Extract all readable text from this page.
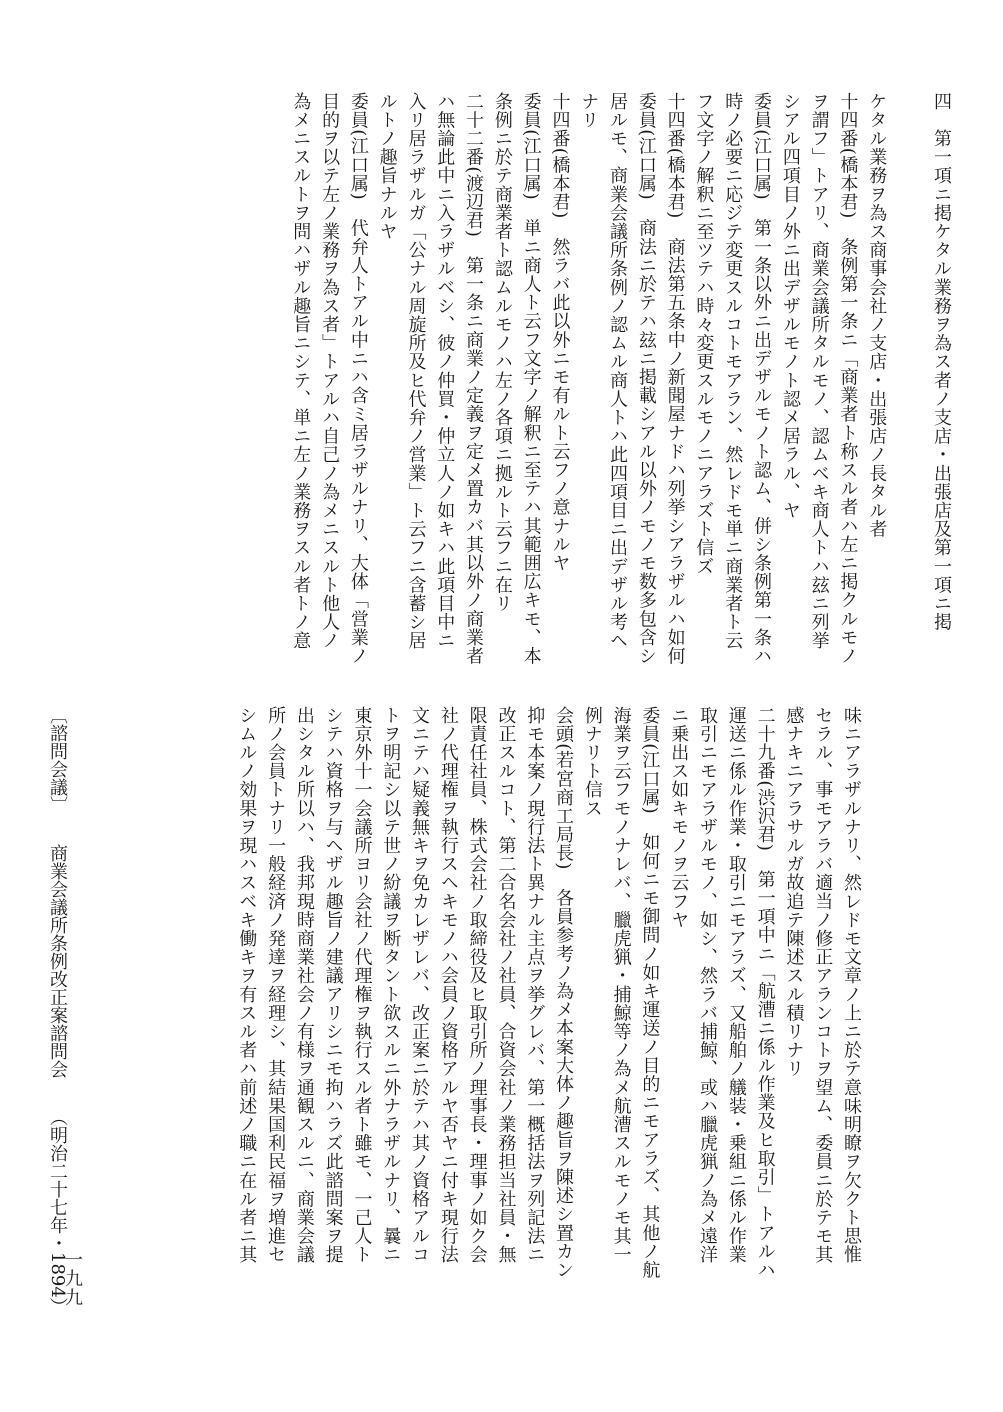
四　第一項ニ掲ケタル業務ヲ為ス者ノ支店・出張店及第一項ニ掲

ケタル業務ヲ為ス商事会社ノ支店・出張店ノ長タル者

十四番(橋本君)　条例第一条ニ「商業者ト称スル者ハ左ニ掲クルモノ

ヲ謂フ」トアリ、商業会議所タルモノ、認ムベキ商人トハ玆ニ列挙

シアル四項目ノ外ニ出デザルモノト認メ居ラル、ヤ

委員(江口属)　第一条以外ニ出デザルモノト認ム、併シ条例第一条ハ

時ノ必要ニ応ジテ変更スルコトモアラン、然レドモ単ニ商業者ト云

フ文字ノ解釈ニ至ツテハ時々変更スルモノニアラズト信ズ

十四番(橋本君)　商法第五条中ノ新聞屋ナドハ列挙シアラザルハ如何

委員(江口属)　商法ニ於テハ玆ニ掲載シアル以外ノモノモ数多包含シ

居ルモ、商業会議所条例ノ認ムル商人トハ此四項目ニ出デザル考ヘ

ナリ

十四番(橋本君)　然ラバ此以外ニモ有ルト云フノ意ナルヤ

委員(江口属)　単ニ商人ト云フ文字ノ解釈ニ至テハ其範囲広キモ、本

条例ニ於テ商業者ト認ムルモノハ左ノ各項ニ拠ルト云フニ在リ

二十二番(渡辺君)　第一条ニ商業ノ定義ヲ定メ置カバ其以外ノ商業者

ハ無論此中ニ入ラザルベシ、彼ノ仲買・仲立人ノ如キハ此項目中ニ

入リ居ラザルガ「公ナル周旋所及ヒ代弁ノ営業」ト云フニ含蓄シ居

ルトノ趣旨ナルヤ

委員(江口属)　代弁人トアル中ニハ含ミ居ラザルナリ、大体「営業ノ

目的ヲ以テ左ノ業務ヲ為ス者」トアルハ自己ノ為メニスルト他人ノ

為メニスルトヲ問ハザル趣旨ニシテ、単ニ左ノ業務ヲスル者トノ意

味ニアラザルナリ、然レドモ文章ノ上ニ於テ意味明瞭ヲ欠クト思惟

セラル、事モアラバ適当ノ修正アランコトヲ望ム、委員ニ於テモ其

感ナキニアラサルガ故追テ陳述スル積リナリ

二十九番(渋沢君)　第一項中ニ「航漕ニ係ル作業及ヒ取引」トアルハ

運送ニ係ル作業・取引ニモアラズ、又船舶ノ艤装・乗組ニ係ル作業

取引ニモアラザルモノ、如シ、然ラバ捕鯨、或ハ臘虎猟ノ為メ遠洋

ニ乗出ス如キモノヲ云フヤ

委員(江口属)　如何ニモ御問ノ如キ運送ノ目的ニモアラズ、其他ノ航

海業ヲ云フモノナレバ、臘虎猟・捕鯨等ノ為メ航漕スルモノモ其一

例ナリト信ス

会頭(若宮商工局長)　各員参考ノ為メ本案大体ノ趣旨ヲ陳述シ置カン

抑モ本案ノ現行法ト異ナル主点ヲ挙グレバ、第一概括法ヲ列記法ニ

改正スルコト、第二合名会社ノ社員、合資会社ノ業務担当社員・無

限責任社員、株式会社ノ取締役及ヒ取引所ノ理事長・理事ノ如ク会

社ノ代理権ヲ執行スヘキモノハ会員ノ資格アルヤ否ヤニ付キ現行法

文ニテハ疑義無キヲ免カレザレバ、改正案ニ於テハ其ノ資格アルコ

トヲ明記シ以テ世ノ紛議ヲ断タント欲スルニ外ナラザルナリ、曩ニ

東京外十一会議所ヨリ会社ノ代理権ヲ執行スル者ト雖モ、一己人ト

シテハ資格ヲ与ヘザル趣旨ノ建議アリシニモ拘ハラズ此諮問案ヲ提

出シタル所以ハ、我邦現時商業社会ノ有様ヲ通観スルニ、商業会議

所ノ会員トナリ一般経済ノ発達ヲ経理シ、其結果国利民福ヲ増進セ

シムルノ効果ヲ現ハスベキ働キヲ有スル者ハ前述ノ職ニ在ル者ニ其

〔諮問会議〕商業会議所条例改正案諮問会（明治二十七年・1894）
一九九
